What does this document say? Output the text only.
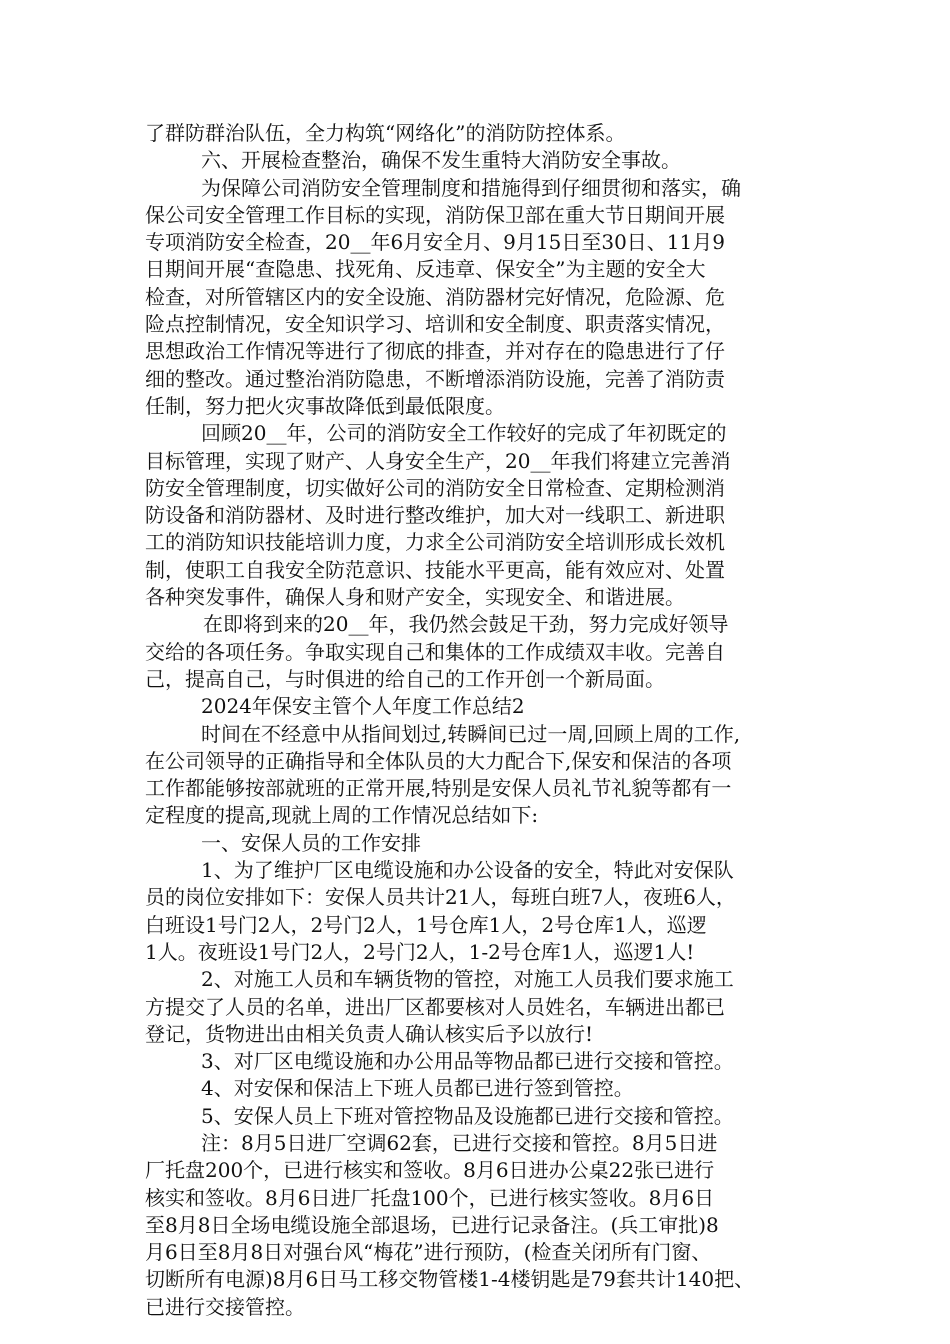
了群防群治队伍，全力构筑“网络化”的消防防控体系。
六、开展检查整治，确保不发生重特大消防安全事故。
为保障公司消防安全管理制度和措施得到仔细贯彻和落实，确
保公司安全管理工作目标的实现，消防保卫部在重大节日期间开展
专项消防安全检查，20__年6月安全月、9月15日至30日、11月9
日期间开展“查隐患、找死角、反违章、保安全”为主题的安全大
检查，对所管辖区内的安全设施、消防器材完好情况，危险源、危
险点控制情况，安全知识学习、培训和安全制度、职责落实情况，
思想政治工作情况等进行了彻底的排查，并对存在的隐患进行了仔
细的整改。通过整治消防隐患，不断增添消防设施，完善了消防责
任制，努力把火灾事故降低到最低限度。
回顾20__年，公司的消防安全工作较好的完成了年初既定的
目标管理，实现了财产、人身安全生产，20__年我们将建立完善消
防安全管理制度，切实做好公司的消防安全日常检查、定期检测消
防设备和消防器材、及时进行整改维护，加大对一线职工、新进职
工的消防知识技能培训力度，力求全公司消防安全培训形成长效机
制，使职工自我安全防范意识、技能水平更高，能有效应对、处置
各种突发事件，确保人身和财产安全，实现安全、和谐进展。
在即将到来的20__年，我仍然会鼓足干劲，努力完成好领导
交给的各项任务。争取实现自己和集体的工作成绩双丰收。完善自
己，提高自己，与时俱进的给自己的工作开创一个新局面。
2024年保安主管个人年度工作总结2
时间在不经意中从指间划过,转瞬间已过一周,回顾上周的工作,
在公司领导的正确指导和全体队员的大力配合下,保安和保洁的各项
工作都能够按部就班的正常开展,特别是安保人员礼节礼貌等都有一
定程度的提高,现就上周的工作情况总结如下:
一、安保人员的工作安排
1、为了维护厂区电缆设施和办公设备的安全，特此对安保队
员的岗位安排如下：安保人员共计21人，每班白班7人，夜班6人，
白班设1号门2人，2号门2人，1号仓库1人，2号仓库1人，巡逻
1人。夜班设1号门2人，2号门2人，1-2号仓库1人，巡逻1人!
2、对施工人员和车辆货物的管控，对施工人员我们要求施工
方提交了人员的名单，进出厂区都要核对人员姓名，车辆进出都已
登记，货物进出由相关负责人确认核实后予以放行!
3、对厂区电缆设施和办公用品等物品都已进行交接和管控。
4、对安保和保洁上下班人员都已进行签到管控。
5、安保人员上下班对管控物品及设施都已进行交接和管控。
注：8月5日进厂空调62套，已进行交接和管控。8月5日进
厂托盘200个，已进行核实和签收。8月6日进办公桌22张已进行
核实和签收。8月6日进厂托盘100个，已进行核实签收。8月6日
至8月8日全场电缆设施全部退场，已进行记录备注。(兵工审批)8
月6日至8月8日对强台风“梅花”进行预防，(检查关闭所有门窗、
切断所有电源)8月6日马工移交物管楼1-4楼钥匙是79套共计140把、
已进行交接管控。
